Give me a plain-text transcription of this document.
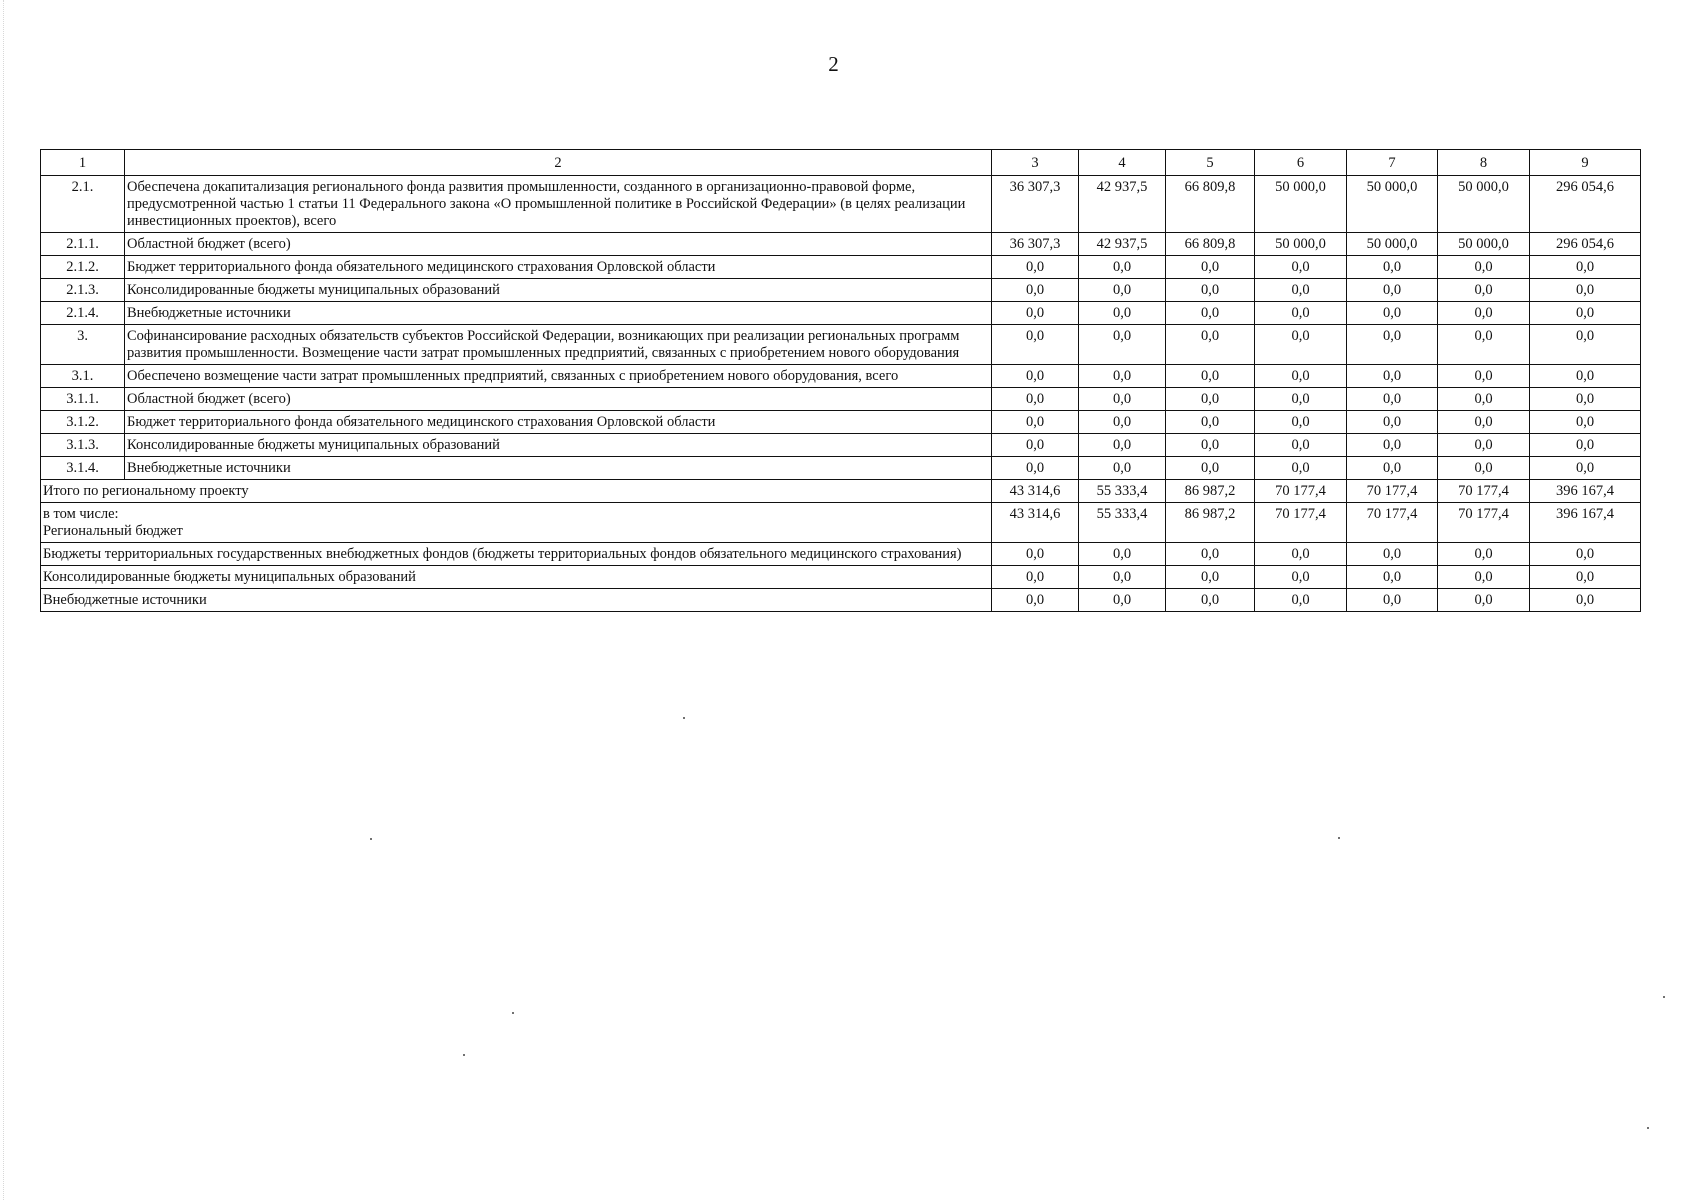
2
1	2	3	4	5	6	7	8	9
2.1.	Обеспечена докапитализация регионального фонда развития промышленности, созданного в организационно-правовой форме, предусмотренной частью 1 статьи 11 Федерального закона «О промышленной политике в Российской Федерации» (в целях реализации инвестиционных проектов), всего	36 307,3	42 937,5	66 809,8	50 000,0	50 000,0	50 000,0	296 054,6
2.1.1.	Областной бюджет (всего)	36 307,3	42 937,5	66 809,8	50 000,0	50 000,0	50 000,0	296 054,6
2.1.2.	Бюджет территориального фонда обязательного медицинского страхования Орловской области	0,0	0,0	0,0	0,0	0,0	0,0	0,0
2.1.3.	Консолидированные бюджеты муниципальных образований	0,0	0,0	0,0	0,0	0,0	0,0	0,0
2.1.4.	Внебюджетные источники	0,0	0,0	0,0	0,0	0,0	0,0	0,0
3.	Софинансирование расходных обязательств субъектов Российской Федерации, возникающих при реализации региональных программ развития промышленности. Возмещение части затрат промышленных предприятий, связанных с приобретением нового оборудования	0,0	0,0	0,0	0,0	0,0	0,0	0,0
3.1.	Обеспечено возмещение части затрат промышленных предприятий, связанных с приобретением нового оборудования, всего	0,0	0,0	0,0	0,0	0,0	0,0	0,0
3.1.1.	Областной бюджет (всего)	0,0	0,0	0,0	0,0	0,0	0,0	0,0
3.1.2.	Бюджет территориального фонда обязательного медицинского страхования Орловской области	0,0	0,0	0,0	0,0	0,0	0,0	0,0
3.1.3.	Консолидированные бюджеты муниципальных образований	0,0	0,0	0,0	0,0	0,0	0,0	0,0
3.1.4.	Внебюджетные источники	0,0	0,0	0,0	0,0	0,0	0,0	0,0

Итого по региональному проекту		43 314,6	55 333,4	86 987,2	70 177,4	70 177,4	70 177,4	396 167,4

в том числе:
Региональный бюджет		43 314,6	55 333,4	86 987,2	70 177,4	70 177,4	70 177,4	396 167,4

Бюджеты территориальных государственных внебюджетных фондов (бюджеты территориальных фондов обязательного медицинского страхования)		0,0	0,0	0,0	0,0	0,0	0,0	0,0

Консолидированные бюджеты муниципальных образований		0,0	0,0	0,0	0,0	0,0	0,0	0,0

Внебюджетные источники		0,0	0,0	0,0	0,0	0,0	0,0	0,0
